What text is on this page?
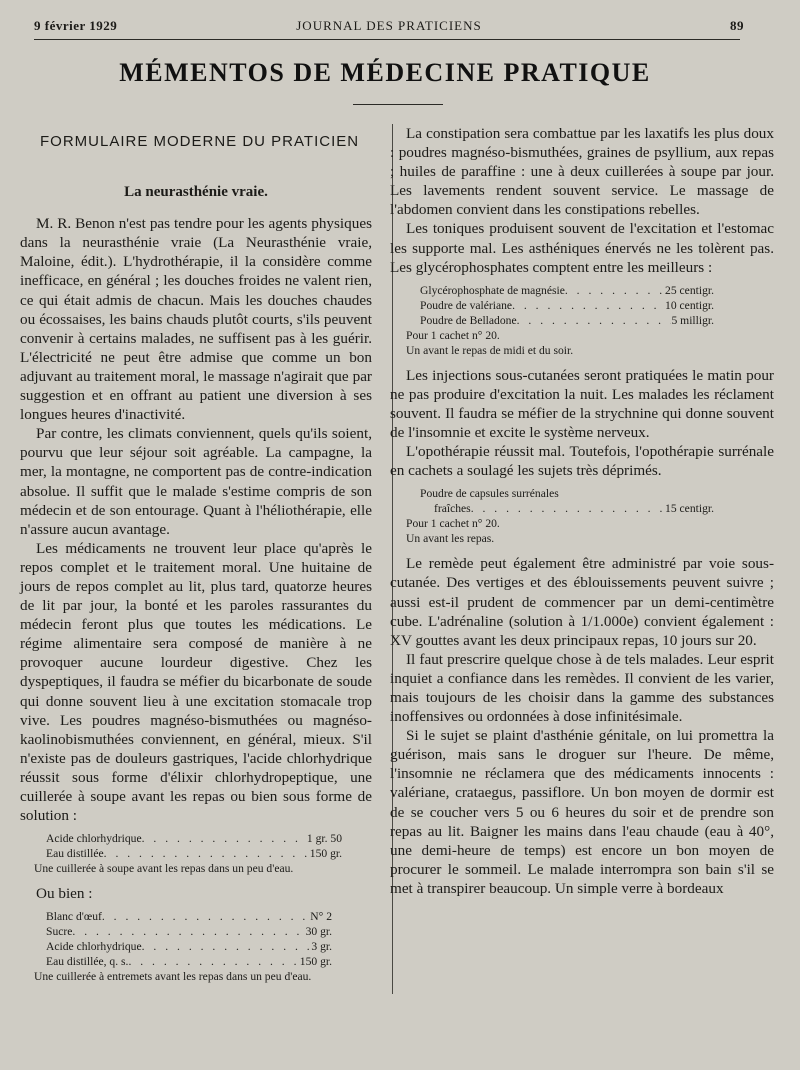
9 février 1929	JOURNAL DES PRATICIENS	89
MÉMENTOS DE MÉDECINE PRATIQUE
FORMULAIRE MODERNE DU PRATICIEN
La neurasthénie vraie.

M. R. Benon n'est pas tendre pour les agents physiques dans la neurasthénie vraie (La Neurasthénie vraie, Maloine, édit.). L'hydrothérapie, il la considère comme inefficace, en général ; les douches froides ne valent rien, ce qui était admis de chacun. Mais les douches chaudes ou écossaises, les bains chauds plutôt courts, s'ils peuvent convenir à certains malades, ne suffisent pas à les guérir. L'électricité ne peut être admise que comme un bon adjuvant au traitement moral, le massage n'agirait que par suggestion et en offrant au patient une diversion à ses longues heures d'inactivité.

Par contre, les climats conviennent, quels qu'ils soient, pourvu que leur séjour soit agréable. La campagne, la mer, la montagne, ne comportent pas de contre-indication absolue. Il suffit que le malade s'estime compris de son médecin et de son entourage. Quant à l'héliothérapie, elle n'assure aucun avantage.

Les médicaments ne trouvent leur place qu'après le repos complet et le traitement moral. Une huitaine de jours de repos complet au lit, plus tard, quatorze heures de lit par jour, la bonté et les paroles rassurantes du médecin feront plus que toutes les médications. Le régime alimentaire sera composé de manière à ne provoquer aucune lourdeur digestive. Chez les dyspeptiques, il faudra se méfier du bicarbonate de soude qui donne souvent lieu à une excitation stomacale trop vive. Les poudres magnéso-bismuthées ou magnéso-kaolinobismuthées conviennent, en général, mieux. S'il n'existe pas de douleurs gastriques, l'acide chlorhydrique réussit sous forme d'élixir chlorhydropeptique, une cuillerée à soupe avant les repas ou bien sous forme de solution :

Acide chlorhydrique . . .	1 gr. 50
Eau distillée . . .	150 gr.
Une cuillerée à soupe avant les repas dans un peu d'eau.
Ou bien :
Blanc d'œuf . . .	N° 2
Sucre . . .	30 gr.
Acide chlorhydrique . . .	3 gr.
Eau distillée, q. s. . . .	150 gr.
Une cuillerée à entremets avant les repas dans un peu d'eau.

La constipation sera combattue par les laxatifs les plus doux : poudres magnéso-bismuthées, graines de psyllium, aux repas ; huiles de paraffine : une à deux cuillerées à soupe par jour. Les lavements rendent souvent service. Le massage de l'abdomen convient dans les constipations rebelles.

Les toniques produisent souvent de l'excitation et l'estomac les supporte mal. Les asthéniques énervés ne les tolèrent pas. Les glycérophosphates comptent entre les meilleurs :

Glycérophosphate de magnésie . . .	25 centigr.
Poudre de valériane . . .	10 centigr.
Poudre de Belladone . . .	5 milligr.
Pour 1 cachet n° 20.
Un avant le repas de midi et du soir.

Les injections sous-cutanées seront pratiquées le matin pour ne pas produire d'excitation la nuit. Les malades les réclament souvent. Il faudra se méfier de la strychnine qui donne souvent de l'insomnie et excite le système nerveux.

L'opothérapie réussit mal. Toutefois, l'opothérapie surrénale en cachets a soulagé les sujets très déprimés.

Poudre de capsules surrénales
fraîches . . .	15 centigr.
Pour 1 cachet n° 20.
Un avant les repas.

Le remède peut également être administré par voie sous-cutanée. Des vertiges et des éblouissements peuvent suivre ; aussi est-il prudent de commencer par un demi-centimètre cube. L'adrénaline (solution à 1/1.000e) convient également : XV gouttes avant les deux principaux repas, 10 jours sur 20.

Il faut prescrire quelque chose à de tels malades. Leur esprit inquiet a confiance dans les remèdes. Il convient de les varier, mais toujours de les choisir dans la gamme des substances inoffensives ou ordonnées à dose infinitésimale.

Si le sujet se plaint d'asthénie génitale, on lui promettra la guérison, mais sans le droguer sur l'heure. De même, l'insomnie ne réclamera que des médicaments innocents : valériane, crataegus, passiflore. Un bon moyen de dormir est de se coucher vers 5 ou 6 heures du soir et de prendre son repas au lit. Baigner les mains dans l'eau chaude (eau à 40°, une demi-heure de temps) est encore un bon moyen de procurer le sommeil. Le malade interrompra son bain s'il se met à transpirer beaucoup. Un simple verre à bordeaux
